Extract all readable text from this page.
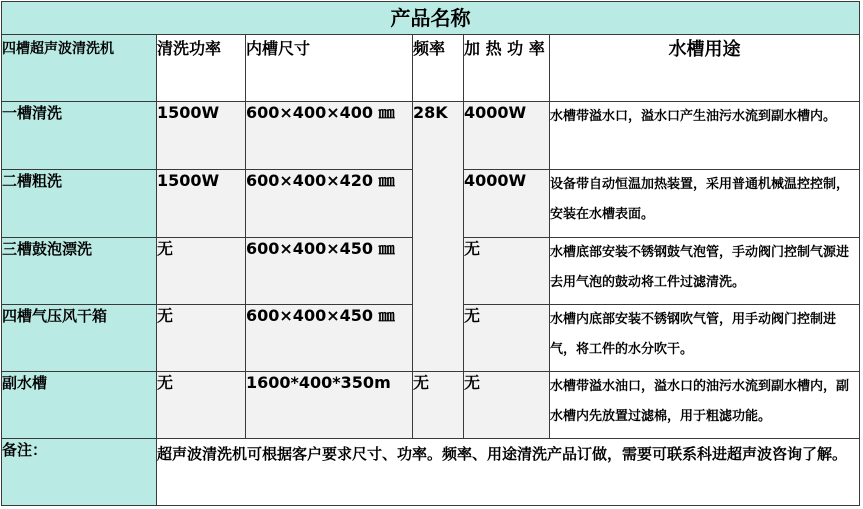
产品名称					
四槽超声波清洗机	清洗功率	内槽尺寸	频率	加 热 功 率	水槽用途
一槽清洗	1500W	600×400×400 ㎜	28K	4000W	水槽带溢水口，溢水口产生油污水流到副水槽内。
二槽粗洗	1500W	600×400×420 ㎜		4000W	设备带自动恒温加热装置，采用普通机械温控控制，安装在水槽表面。
三槽鼓泡漂洗	无	600×400×450 ㎜		无	水槽底部安装不锈钢鼓气泡管，手动阀门控制气源进去用气泡的鼓动将工件过滤清洗。
四槽气压风干箱	无	600×400×450 ㎜		无	水槽内底部安装不锈钢吹气管，用手动阀门控制进气，将工件的水分吹干。
副水槽	无	1600*400*350m	无	无	水槽带溢水油口，溢水口的油污水流到副水槽内，副水槽内先放置过滤棉，用于粗滤功能。
备注：	超声波清洗机可根据客户要求尺寸、功率。频率、用途清洗产品订做，需要可联系科进超声波咨询了解。				
